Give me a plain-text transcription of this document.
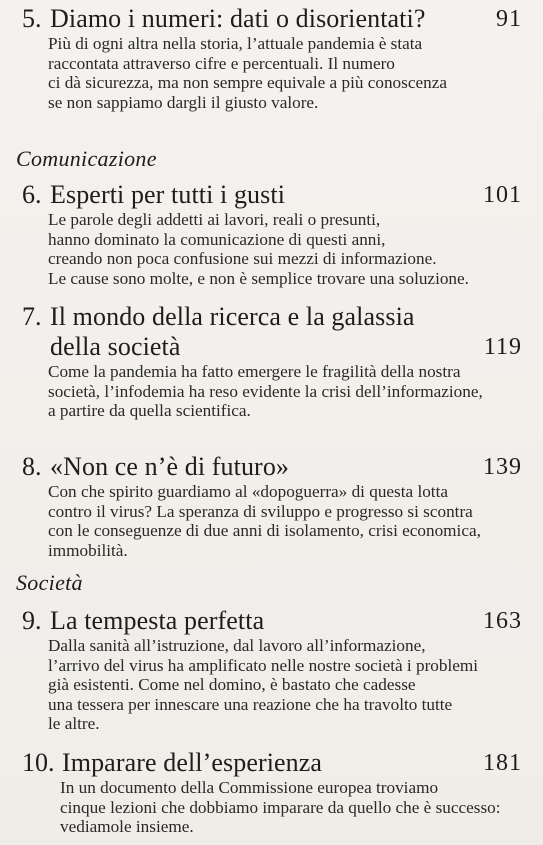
5. Diamo i numeri: dati o disorientati?	91
Più di ogni altra nella storia, l’attuale pandemia è stata
raccontata attraverso cifre e percentuali. Il numero
ci dà sicurezza, ma non sempre equivale a più conoscenza
se non sappiamo dargli il giusto valore.
Comunicazione
6. Esperti per tutti i gusti	101
Le parole degli addetti ai lavori, reali o presunti,
hanno dominato la comunicazione di questi anni,
creando non poca confusione sui mezzi di informazione.
Le cause sono molte, e non è semplice trovare una soluzione.
7. Il mondo della ricerca e la galassia
della società	119
Come la pandemia ha fatto emergere le fragilità della nostra
società, l’infodemia ha reso evidente la crisi dell’informazione,
a partire da quella scientifica.
8. «Non ce n’è di futuro»	139
Con che spirito guardiamo al «dopoguerra» di questa lotta
contro il virus? La speranza di sviluppo e progresso si scontra
con le conseguenze di due anni di isolamento, crisi economica,
immobilità.
Società
9. La tempesta perfetta	163
Dalla sanità all’istruzione, dal lavoro all’informazione,
l’arrivo del virus ha amplificato nelle nostre società i problemi
già esistenti. Come nel domino, è bastato che cadesse
una tessera per innescare una reazione che ha travolto tutte
le altre.
10. Imparare dell’esperienza	181
In un documento della Commissione europea troviamo
cinque lezioni che dobbiamo imparare da quello che è successo:
vediamole insieme.
